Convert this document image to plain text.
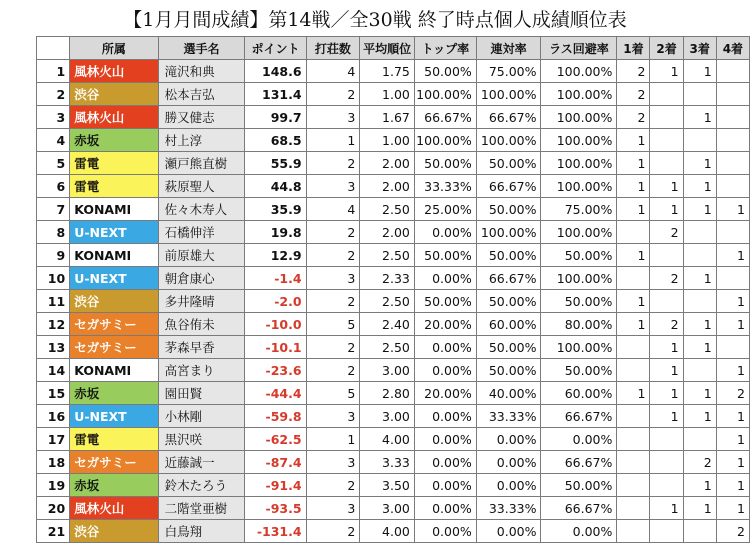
【1月月間成績】第14戦／全30戦 終了時点個人成績順位表
	所属	選手名	ポイント	打荘数	平均順位	トップ率	連対率	ラス回避率	1着	2着	3着	4着
1	風林火山	滝沢和典	148.6	4	1.75	50.00%	75.00%	100.00%	2	1	1	
2	渋谷	松本吉弘	131.4	2	1.00	100.00%	100.00%	100.00%	2			
3	風林火山	勝又健志	99.7	3	1.67	66.67%	66.67%	100.00%	2		1	
4	赤坂	村上淳	68.5	1	1.00	100.00%	100.00%	100.00%	1			
5	雷電	瀬戸熊直樹	55.9	2	2.00	50.00%	50.00%	100.00%	1		1	
6	雷電	萩原聖人	44.8	3	2.00	33.33%	66.67%	100.00%	1	1	1	
7	KONAMI	佐々木寿人	35.9	4	2.50	25.00%	50.00%	75.00%	1	1	1	1
8	U-NEXT	石橋伸洋	19.8	2	2.00	0.00%	100.00%	100.00%		2		
9	KONAMI	前原雄大	12.9	2	2.50	50.00%	50.00%	50.00%	1			1
10	U-NEXT	朝倉康心	-1.4	3	2.33	0.00%	66.67%	100.00%		2	1	
11	渋谷	多井隆晴	-2.0	2	2.50	50.00%	50.00%	50.00%	1			1
12	セガサミー	魚谷侑未	-10.0	5	2.40	20.00%	60.00%	80.00%	1	2	1	1
13	セガサミー	茅森早香	-10.1	2	2.50	0.00%	50.00%	100.00%		1	1	
14	KONAMI	高宮まり	-23.6	2	3.00	0.00%	50.00%	50.00%		1		1
15	赤坂	園田賢	-44.4	5	2.80	20.00%	40.00%	60.00%	1	1	1	2
16	U-NEXT	小林剛	-59.8	3	3.00	0.00%	33.33%	66.67%		1	1	1
17	雷電	黒沢咲	-62.5	1	4.00	0.00%	0.00%	0.00%				1
18	セガサミー	近藤誠一	-87.4	3	3.33	0.00%	0.00%	66.67%			2	1
19	赤坂	鈴木たろう	-91.4	2	3.50	0.00%	0.00%	50.00%			1	1
20	風林火山	二階堂亜樹	-93.5	3	3.00	0.00%	33.33%	66.67%		1	1	1
21	渋谷	白鳥翔	-131.4	2	4.00	0.00%	0.00%	0.00%				2
